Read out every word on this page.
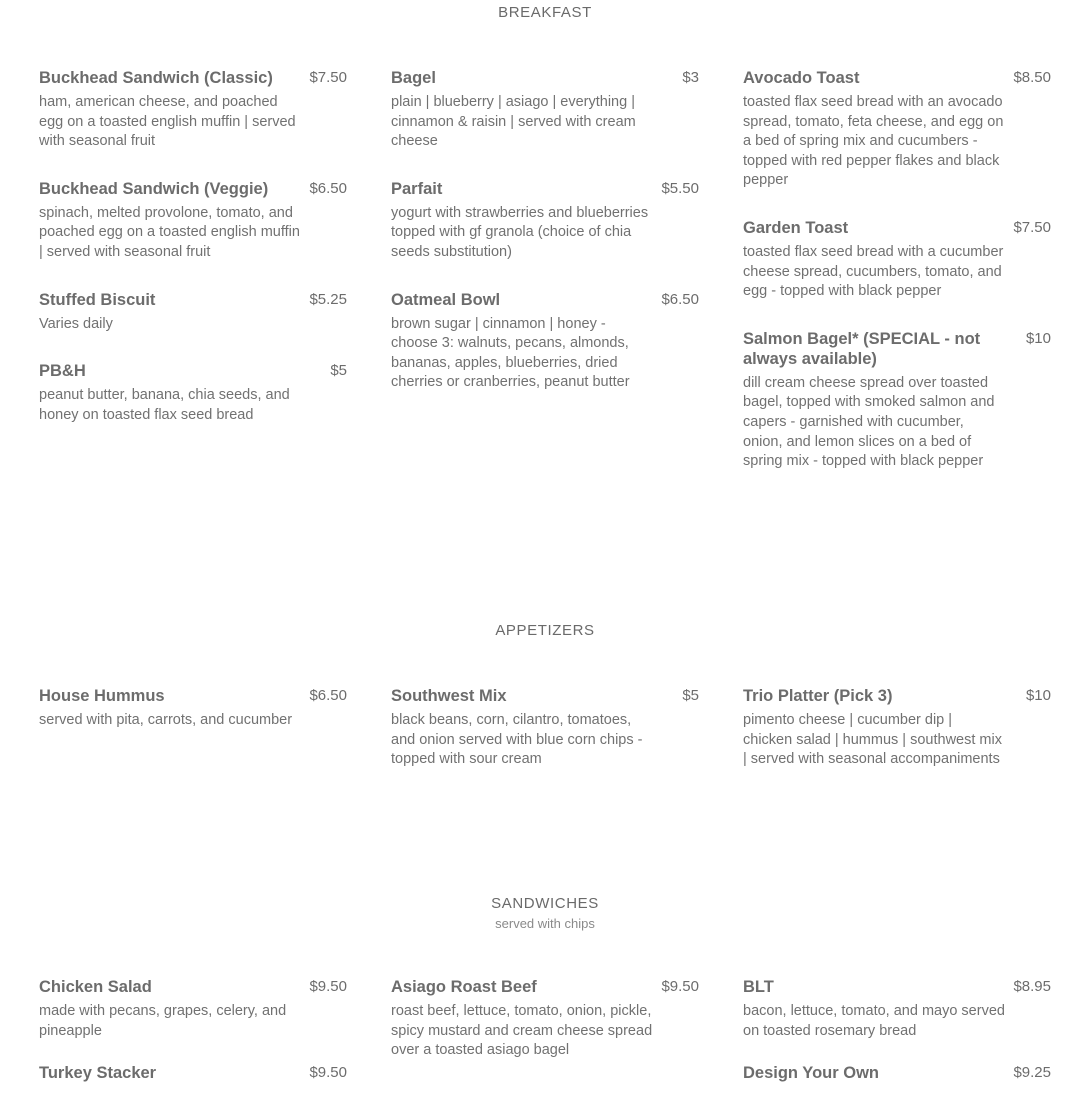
BREAKFAST
Buckhead Sandwich (Classic)	$7.50
ham, american cheese, and poached egg on a toasted english muffin | served with seasonal fruit
Buckhead Sandwich (Veggie)	$6.50
spinach, melted provolone, tomato, and poached egg on a toasted english muffin | served with seasonal fruit
Stuffed Biscuit	$5.25
Varies daily
PB&H	$5
peanut butter, banana, chia seeds, and honey on toasted flax seed bread
Bagel	$3
plain | blueberry | asiago | everything | cinnamon & raisin | served with cream cheese
Parfait	$5.50
yogurt with strawberries and blueberries topped with gf granola (choice of chia seeds substitution)
Oatmeal Bowl	$6.50
brown sugar | cinnamon | honey - choose 3: walnuts, pecans, almonds, bananas, apples, blueberries, dried cherries or cranberries, peanut butter
Avocado Toast	$8.50
toasted flax seed bread with an avocado spread, tomato, feta cheese, and egg on a bed of spring mix and cucumbers - topped with red pepper flakes and black pepper
Garden Toast	$7.50
toasted flax seed bread with a cucumber cheese spread, cucumbers, tomato, and egg - topped with black pepper
Salmon Bagel* (SPECIAL - not always available)
$10
dill cream cheese spread over toasted bagel, topped with smoked salmon and capers - garnished with cucumber, onion, and lemon slices on a bed of spring mix - topped with black pepper
APPETIZERS
House Hummus	$6.50
served with pita, carrots, and cucumber
Southwest Mix	$5
black beans, corn, cilantro, tomatoes, and onion served with blue corn chips - topped with sour cream
Trio Platter (Pick 3)	$10
pimento cheese | cucumber dip | chicken salad | hummus | southwest mix | served with seasonal accompaniments
SANDWICHES
served with chips
Chicken Salad	$9.50
made with pecans, grapes, celery, and pineapple
Turkey Stacker	$9.50
Asiago Roast Beef	$9.50
roast beef, lettuce, tomato, onion, pickle, spicy mustard and cream cheese spread over a toasted asiago bagel
BLT	$8.95
bacon, lettuce, tomato, and mayo served on toasted rosemary bread
Design Your Own	$9.25
